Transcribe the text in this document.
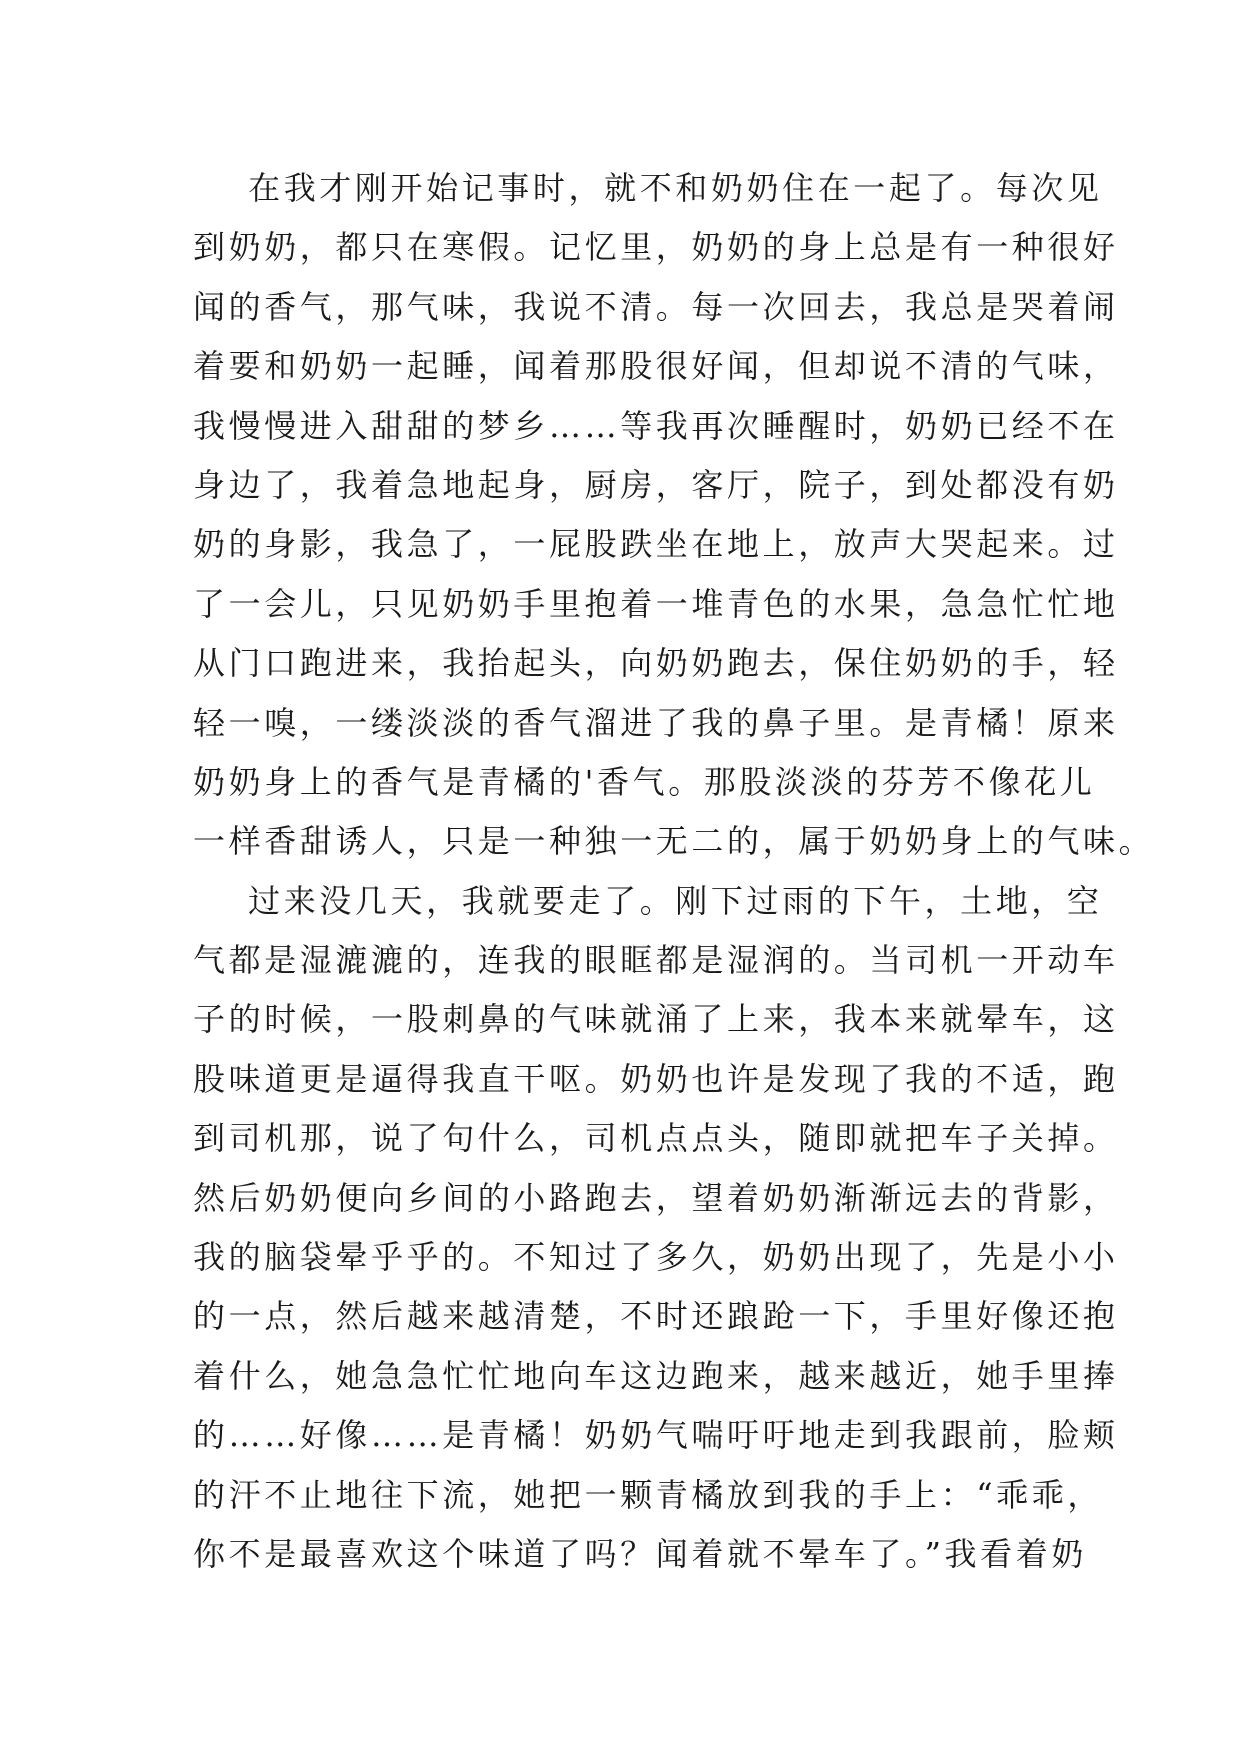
在我才刚开始记事时，就不和奶奶住在一起了。每次见
到奶奶，都只在寒假。记忆里，奶奶的身上总是有一种很好
闻的香气，那气味，我说不清。每一次回去，我总是哭着闹
着要和奶奶一起睡，闻着那股很好闻，但却说不清的气味，
我慢慢进入甜甜的梦乡……等我再次睡醒时，奶奶已经不在
身边了，我着急地起身，厨房，客厅，院子，到处都没有奶
奶的身影，我急了，一屁股跌坐在地上，放声大哭起来。过
了一会儿，只见奶奶手里抱着一堆青色的水果，急急忙忙地
从门口跑进来，我抬起头，向奶奶跑去，保住奶奶的手，轻
轻一嗅，一缕淡淡的香气溜进了我的鼻子里。是青橘！原来
奶奶身上的香气是青橘的'香气。那股淡淡的芬芳不像花儿
一样香甜诱人，只是一种独一无二的，属于奶奶身上的气味。
过来没几天，我就要走了。刚下过雨的下午，土地，空
气都是湿漉漉的，连我的眼眶都是湿润的。当司机一开动车
子的时候，一股刺鼻的气味就涌了上来，我本来就晕车，这
股味道更是逼得我直干呕。奶奶也许是发现了我的不适，跑
到司机那，说了句什么，司机点点头，随即就把车子关掉。
然后奶奶便向乡间的小路跑去，望着奶奶渐渐远去的背影，
我的脑袋晕乎乎的。不知过了多久，奶奶出现了，先是小小
的一点，然后越来越清楚，不时还踉跄一下，手里好像还抱
着什么，她急急忙忙地向车这边跑来，越来越近，她手里捧
的……好像……是青橘！奶奶气喘吁吁地走到我跟前，脸颊
的汗不止地往下流，她把一颗青橘放到我的手上：“乖乖，
你不是最喜欢这个味道了吗？闻着就不晕车了。”我看着奶
